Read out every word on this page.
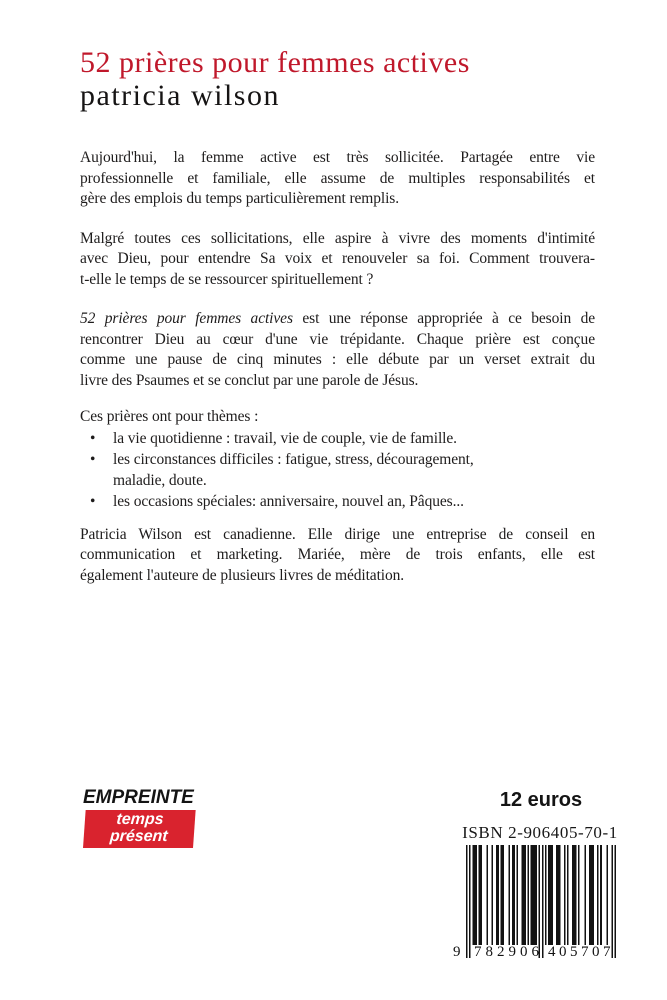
52 prières pour femmes actives
patricia wilson

Aujourd'hui, la femme active est très sollicitée. Partagée entre vie
professionnelle et familiale, elle assume de multiples responsabilités et
gère des emplois du temps particulièrement remplis.

Malgré toutes ces sollicitations, elle aspire à vivre des moments d'intimité
avec Dieu, pour entendre Sa voix et renouveler sa foi. Comment trouvera-
t-elle le temps de se ressourcer spirituellement ?

52 prières pour femmes actives est une réponse appropriée à ce besoin de
rencontrer Dieu au cœur d'une vie trépidante. Chaque prière est conçue
comme une pause de cinq minutes : elle débute par un verset extrait du
livre des Psaumes et se conclut par une parole de Jésus.

Ces prières ont pour thèmes :

• la vie quotidienne : travail, vie de couple, vie de famille.
• les circonstances difficiles : fatigue, stress, découragement,
maladie, doute.
• les occasions spéciales: anniversaire, nouvel an, Pâques...

Patricia Wilson est canadienne. Elle dirige une entreprise de conseil en
communication et marketing. Mariée, mère de trois enfants, elle est
également l'auteure de plusieurs livres de méditation.

EMPREINTE
temps présent
12 euros
ISBN 2-906405-70-1
9 782906 405707
